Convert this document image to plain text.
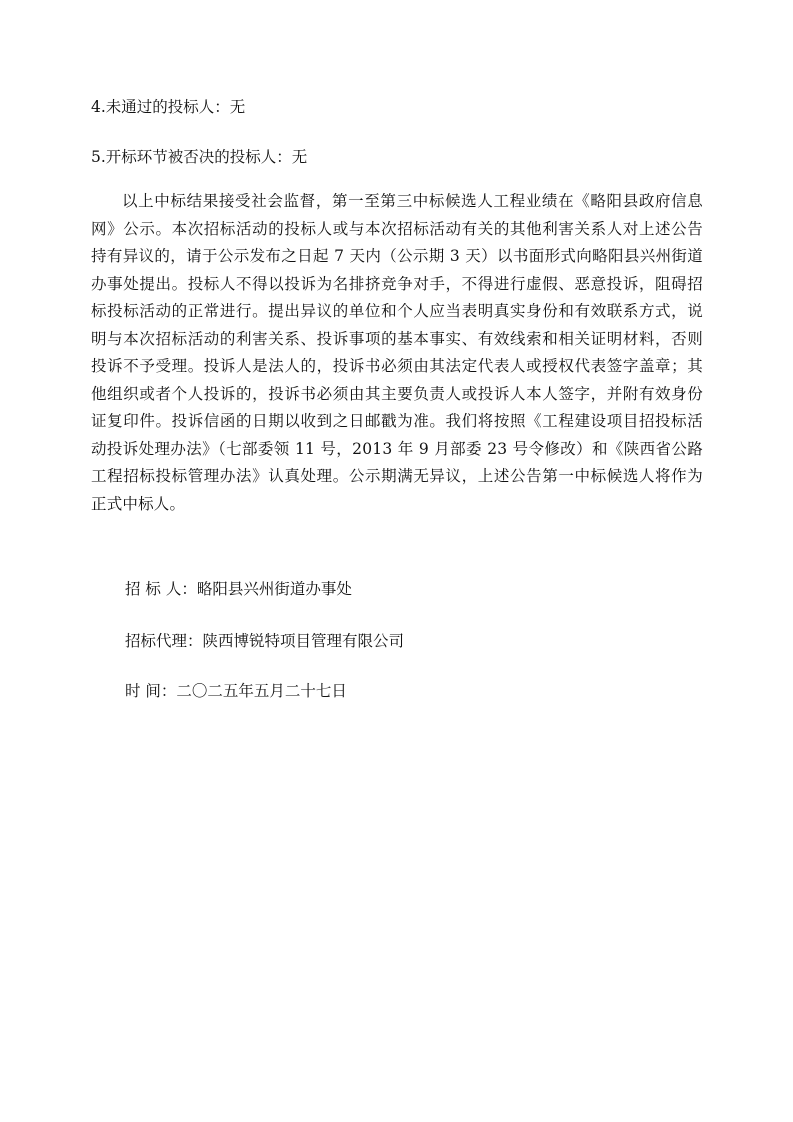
4.未通过的投标人：无
5.开标环节被否决的投标人：无
以上中标结果接受社会监督，第一至第三中标候选人工程业绩在《略阳县政府信息网》公示。本次招标活动的投标人或与本次招标活动有关的其他利害关系人对上述公告持有异议的，请于公示发布之日起 7 天内（公示期 3 天）以书面形式向略阳县兴州街道办事处提出。投标人不得以投诉为名排挤竞争对手，不得进行虚假、恶意投诉，阻碍招标投标活动的正常进行。提出异议的单位和个人应当表明真实身份和有效联系方式，说明与本次招标活动的利害关系、投诉事项的基本事实、有效线索和相关证明材料，否则投诉不予受理。投诉人是法人的，投诉书必须由其法定代表人或授权代表签字盖章；其他组织或者个人投诉的，投诉书必须由其主要负责人或投诉人本人签字，并附有效身份证复印件。投诉信函的日期以收到之日邮戳为准。我们将按照《工程建设项目招投标活动投诉处理办法》（七部委领 11 号，2013 年 9 月部委 23 号令修改）和《陕西省公路工程招标投标管理办法》认真处理。公示期满无异议，上述公告第一中标候选人将作为正式中标人。
招 标 人：略阳县兴州街道办事处
招标代理：陕西博锐特项目管理有限公司
时 间：二〇二五年五月二十七日
